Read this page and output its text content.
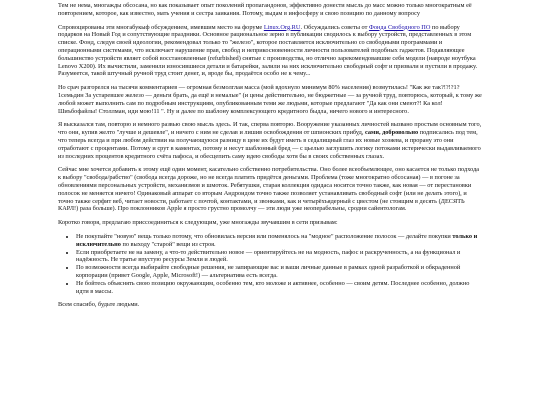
Тем не нема, многажды обсосана, но как показывает опыт поколений пропагандонов, эффективно донести мысль до масс можно только многократным её повторением, которое, как известно, мать учения и сестра заикания. Потому, выдам в инфосферу и свою позицию по данному вопросу

Спровоцированы эти многабукыф обсуждением, имевшим место на форуме Linux.Org.RU. Обсуждались советы от Фонда Свободного ПО по выбору подарков на Новый Год и сопутствующие праздники. Основное рациональное зерно в публикации сводилось к выбору устройств, представленных в этом списке. Фонд, следуя своей идеологии, рекомендовал только то "железо", которое поставляется исключительно со свободными программами и операционными системами, что исключает нарушение прав, свобод и неприкосновенности личности пользователей подобных гаджетов. Подавляющее большинство устройств являет собой восстановленные (refurbished) снятые с производства, но отлично зарекомендовавшие себя модели (навроде ноутбука Lenovo X200). Их вычистили, заменили износившиеся детали и батарейки, залили на них исключительно свободный софт и призвали и пустили в продажу. Разумеется, такой штучный ручной труд стоит денег, и, вроде бы, продаётся особо не к чему...

Но срач разгорелся на тысячи комментариев — огромная безмолглая масса (мой вдохнуло минимум 80% населения) возмутилась! "Как же так?!?!?1?1семьдин За устаревшее железо — деньги брать, да ещё и немалые" (и цены действительно, не бюджетные — за ручной труд, повторюсь, который, к тому же любой может выполнить сам по подробным инструкциям, опубликованным теми же людьми, которые предлагают "Да как они смеют?! Ка кол! Шиъбофайлы! Столлман, иди мою!11 ". Ну и далее по шаблону комплексующего кредитного быдла, ничего нового и интересного.

Я высказался там, повторю и немного развью свою мысль здесь. И так, сперва повторю. Вооружение указанных личностей вызвано простым основным того, что они, купив желто "лучше и дешевле", и ничего с ним не сделав и лишив освобождения от шпионских прибуд, сами, добровольно подписались под тем, что теперь всегда и при любом действии на получающуюся разницу в цене их будут иметь в седалищный глаз их новые хозяева, и прорану это они отработают с процентами. Потому и срут в каментах, потому и несут шаблонный бред — с цьелью заглушить логику потоками истерически выдавливаемого из последних процентов кредитного счёта пафоса, и обесцепить саму идею свободы хотя бы в своих собственных глазах.

Сейчас мне хочется добавить к этому ещё один момент, касательно собственно потребительства. Оно более всеобъемлющее, оно касается не только подхода к выбору "свобода/рабство" (свобода всегда дороже, но не всегда платить придётся деньгами. Проблема (тоже многократно обсосаная) — в погоне за обновлениями персональных устройств, механизмов и шмоток. Ребятушки, старая коллекция одидаса носится точно также, как новая — от перестановки полосок не меняется ничего! Одинаковый аппарат со вторым Андроидом точно также позволяет устанавливать свободный софт (или не делать этого), и точно также серфит веб, читает новости, работает с почтой, контактами, и звонками, как и четырёхъядерный с цвестом (не стоящим в десять (ДЕСЯТЬ КАРЛ!) раза больше). Про поклонников Apple я просто грустно промолчу — эти люди уже неоперабельны, сродни сайентологам.

Коротко говоря, предлагаю приссоединиться к следующим, уже многажды звучавшим в сети призывам:

• Не покупайте "новую" вещь только потому, что обновилась версия или поменялось на "модное" расположение полосок — делайте покупки только и исключительно по выходу "старой" вещи из строя.
• Если приобретаете не на замену, а что-то действительно новое — ориентируйтесь не на модность, пафос и раскрученность, а на функционал и надёжность. Не тратье впустую ресурсы Земли и людей.
• По возможности всегда выбирайте свободные решения, не запирающие вас и ваши личные данные в рамках одной разработкой и обкраденной корпорации (привет Google, Apple, Microsoft!) — альтернатива есть всегда.
• Не бойтесь объяснять свою позицию окружающим, особенно тем, кто моложе и активнее, особенно — своим детям. Последнее особенно, должно идти в массы.

Всем спасибо, будьте людьми.
